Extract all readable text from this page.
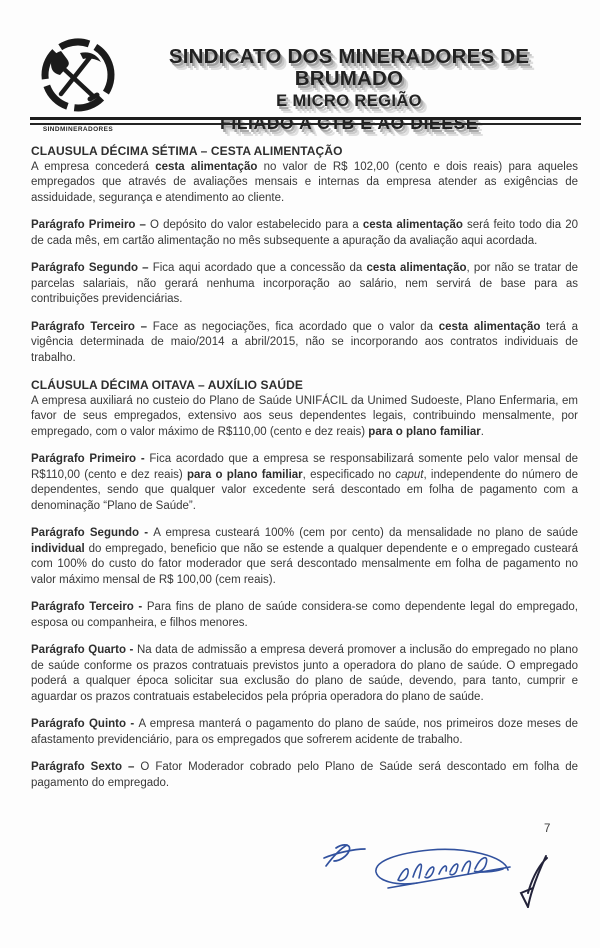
SINDMINERADORES
SINDICATO DOS MINERADORES DE BRUMADO
E MICRO REGIÃO
FILIADO A CTB E AO DIEESE
CLAUSULA DÉCIMA SÉTIMA – CESTA ALIMENTAÇÃO

A empresa concederá cesta alimentação no valor de R$ 102,00 (cento e dois reais) para aqueles empregados que através de avaliações mensais e internas da empresa atender as exigências de assiduidade, segurança e atendimento ao cliente.

Parágrafo Primeiro – O depósito do valor estabelecido para a cesta alimentação será feito todo dia 20 de cada mês, em cartão alimentação no mês subsequente a apuração da avaliação aqui acordada.

Parágrafo Segundo – Fica aqui acordado que a concessão da cesta alimentação, por não se tratar de parcelas salariais, não gerará nenhuma incorporação ao salário, nem servirá de base para as contribuições previdenciárias.

Parágrafo Terceiro – Face as negociações, fica acordado que o valor da cesta alimentação terá a vigência determinada de maio/2014 a abril/2015, não se incorporando aos contratos individuais de trabalho.

CLÁUSULA DÉCIMA OITAVA – AUXÍLIO SAÚDE

A empresa auxiliará no custeio do Plano de Saúde UNIFÁCIL da Unimed Sudoeste, Plano Enfermaria, em favor de seus empregados, extensivo aos seus dependentes legais, contribuindo mensalmente, por empregado, com o valor máximo de R$110,00 (cento e dez reais) para o plano familiar.

Parágrafo Primeiro - Fica acordado que a empresa se responsabilizará somente pelo valor mensal de R$110,00 (cento e dez reais) para o plano familiar, especificado no caput, independente do número de dependentes, sendo que qualquer valor excedente será descontado em folha de pagamento com a denominação “Plano de Saúde”.

Parágrafo Segundo - A empresa custeará 100% (cem por cento) da mensalidade no plano de saúde individual do empregado, beneficio que não se estende a qualquer dependente e o empregado custeará com 100% do custo do fator moderador que será descontado mensalmente em folha de pagamento no valor máximo mensal de R$ 100,00 (cem reais).

Parágrafo Terceiro - Para fins de plano de saúde considera-se como dependente legal do empregado, esposa ou companheira, e filhos menores.

Parágrafo Quarto - Na data de admissão a empresa deverá promover a inclusão do empregado no plano de saúde conforme os prazos contratuais previstos junto a operadora do plano de saúde. O empregado poderá a qualquer época solicitar sua exclusão do plano de saúde, devendo, para tanto, cumprir e aguardar os prazos contratuais estabelecidos pela própria operadora do plano de saúde.

Parágrafo Quinto - A empresa manterá o pagamento do plano de saúde, nos primeiros doze meses de afastamento previdenciário, para os empregados que sofrerem acidente de trabalho.

Parágrafo Sexto – O Fator Moderador cobrado pelo Plano de Saúde será descontado em folha de pagamento do empregado.

7
